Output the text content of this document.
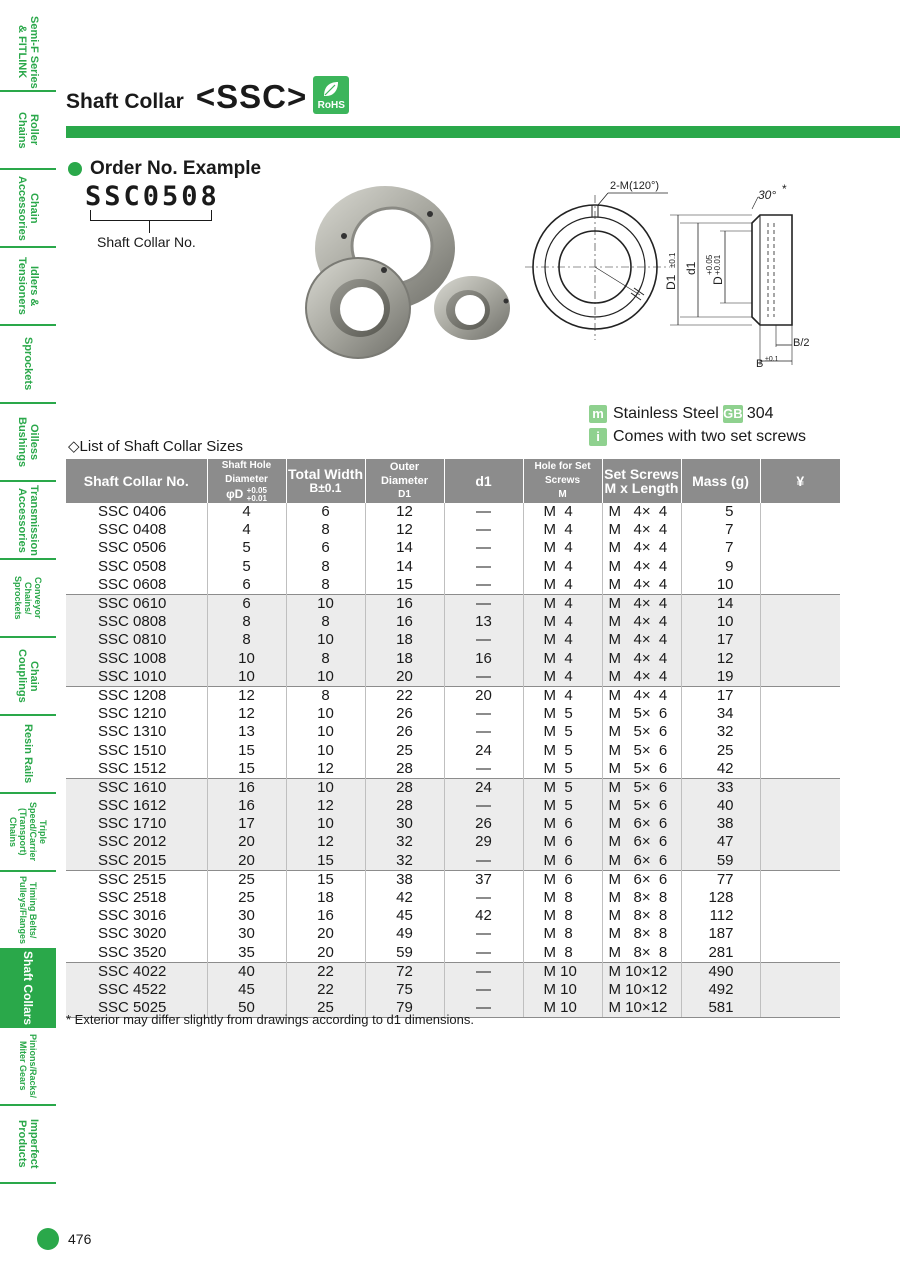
Semi-F Series
& FITLINK
Roller
Chains
Chain
Accessories
Idlers &
Tensioners
Sprockets
Oilless
Bushings
Transmission
Accessories
Conveyor Chains/
Sprockets
Chain
Couplings
Resin Rails
Triple Speed/Carrier
(Transport) Chains
Timing Belts/
Pulleys/Flanges
Shaft Collars
Pinions/Racks/
Miter Gears
Imperfect
Products
Shaft Collar <SSC>	RoHS
Order No. Example
SSC0508
Shaft Collar No.
2-M(120°)
30° *
D1
±0.1
d1
D
+0.05 +0.01
B/2
B ±0.1
m Stainless Steel GB 304
i Comes with two set screws
◇List of Shaft Collar Sizes
Shaft Collar No.	Shaft Hole Diameter
φD +0.05
+0.01	Total Width
B±0.1	Outer Diameter
D1	d1	Hole for Set Screws
M	Set Screws
M x Length	Mass (g)	¥
SSC 0406	4	6	12	—	M  4	M   4×  4	5	
SSC 0408	4	8	12	—	M  4	M   4×  4	7	
SSC 0506	5	6	14	—	M  4	M   4×  4	7	
SSC 0508	5	8	14	—	M  4	M   4×  4	9	
SSC 0608	6	8	15	—	M  4	M   4×  4	10	
SSC 0610	6	10	16	—	M  4	M   4×  4	14	
SSC 0808	8	8	16	13	M  4	M   4×  4	10	
SSC 0810	8	10	18	—	M  4	M   4×  4	17	
SSC 1008	10	8	18	16	M  4	M   4×  4	12	
SSC 1010	10	10	20	—	M  4	M   4×  4	19	
SSC 1208	12	8	22	20	M  4	M   4×  4	17	
SSC 1210	12	10	26	—	M  5	M   5×  6	34	
SSC 1310	13	10	26	—	M  5	M   5×  6	32	
SSC 1510	15	10	25	24	M  5	M   5×  6	25	
SSC 1512	15	12	28	—	M  5	M   5×  6	42	
SSC 1610	16	10	28	24	M  5	M   5×  6	33	
SSC 1612	16	12	28	—	M  5	M   5×  6	40	
SSC 1710	17	10	30	26	M  6	M   6×  6	38	
SSC 2012	20	12	32	29	M  6	M   6×  6	47	
SSC 2015	20	15	32	—	M  6	M   6×  6	59	
SSC 2515	25	15	38	37	M  6	M   6×  6	77	
SSC 2518	25	18	42	—	M  8	M   8×  8	128	
SSC 3016	30	16	45	42	M  8	M   8×  8	112	
SSC 3020	30	20	49	—	M  8	M   8×  8	187	
SSC 3520	35	20	59	—	M  8	M   8×  8	281	
SSC 4022	40	22	72	—	M 10	M 10×12	490	
SSC 4522	45	22	75	—	M 10	M 10×12	492	
SSC 5025	50	25	79	—	M 10	M 10×12	581	
* Exterior may differ slightly from drawings according to d1 dimensions.
476
